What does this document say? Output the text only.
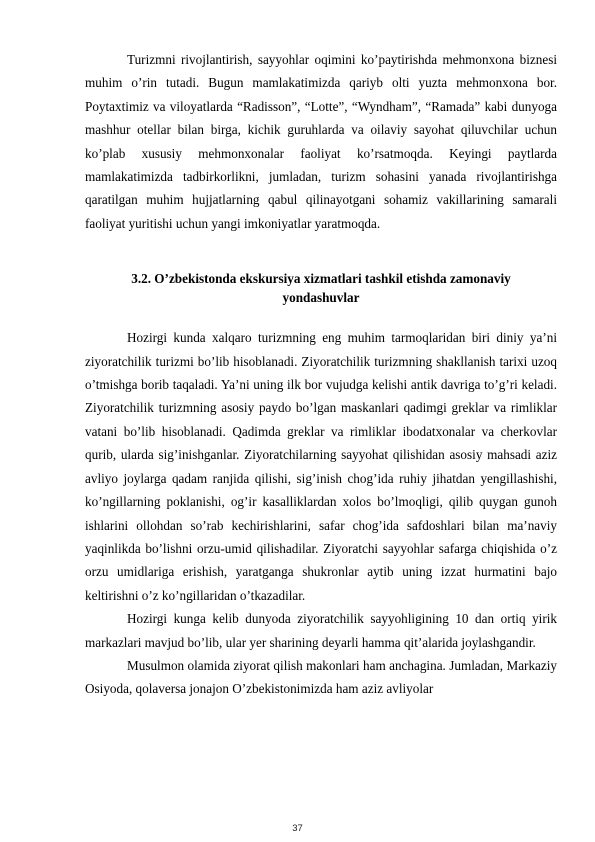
Turizmni rivojlantirish, sayyohlar oqimini ko’paytirishda mehmonxona biznesi muhim o’rin tutadi. Bugun mamlakatimizda qariyb olti yuzta mehmonxona bor. Poytaxtimiz va viloyatlarda “Radisson”, “Lotte”, “Wyndham”, “Ramada” kabi dunyoga mashhur otellar bilan birga, kichik guruhlarda va oilaviy sayohat qiluvchilar uchun ko’plab xususiy mehmonxonalar faoliyat ko’rsatmoqda. Keyingi paytlarda mamlakatimizda tadbirkorlikni, jumladan, turizm sohasini yanada rivojlantirishga qaratilgan muhim hujjatlarning qabul qilinayotgani sohamiz vakillarining samarali faoliyat yuritishi uchun yangi imkoniyatlar yaratmoqda.

3.2. O’zbekistonda ekskursiya xizmatlari tashkil etishda zamonaviy
yondashuvlar

Hozirgi kunda xalqaro turizmning eng muhim tarmoqlaridan biri diniy ya’ni ziyoratchilik turizmi bo’lib hisoblanadi. Ziyoratchilik turizmning shakllanish tarixi uzoq o’tmishga borib taqaladi. Ya’ni uning ilk bor vujudga kelishi antik davriga to’g’ri keladi. Ziyoratchilik turizmning asosiy paydo bo’lgan maskanlari qadimgi greklar va rimliklar vatani bo’lib hisoblanadi. Qadimda greklar va rimliklar ibodatxonalar va cherkovlar qurib, ularda sig’inishganlar. Ziyoratchilarning sayyohat qilishidan asosiy mahsadi aziz avliyo joylarga qadam ranjida qilishi, sig’inish chog’ida ruhiy jihatdan yengillashishi, ko’ngillarning poklanishi, og’ir kasalliklardan xolos bo’lmoqligi, qilib quygan gunoh ishlarini ollohdan so’rab kechirishlarini, safar chog’ida safdoshlari bilan ma’naviy yaqinlikda bo’lishni orzu-umid qilishadilar. Ziyoratchi sayyohlar safarga chiqishida o’z orzu umidlariga erishish, yaratganga shukronlar aytib uning izzat hurmatini bajo keltirishni o’z ko’ngillaridan o’tkazadilar.

Hozirgi kunga kelib dunyoda ziyoratchilik sayyohligining 10 dan ortiq yirik markazlari mavjud bo’lib, ular yer sharining deyarli hamma qit’alarida joylashgandir.

Musulmon olamida ziyorat qilish makonlari ham anchagina. Jumladan, Markaziy Osiyoda, qolaversa jonajon O’zbekistonimizda ham aziz avliyolar

37
